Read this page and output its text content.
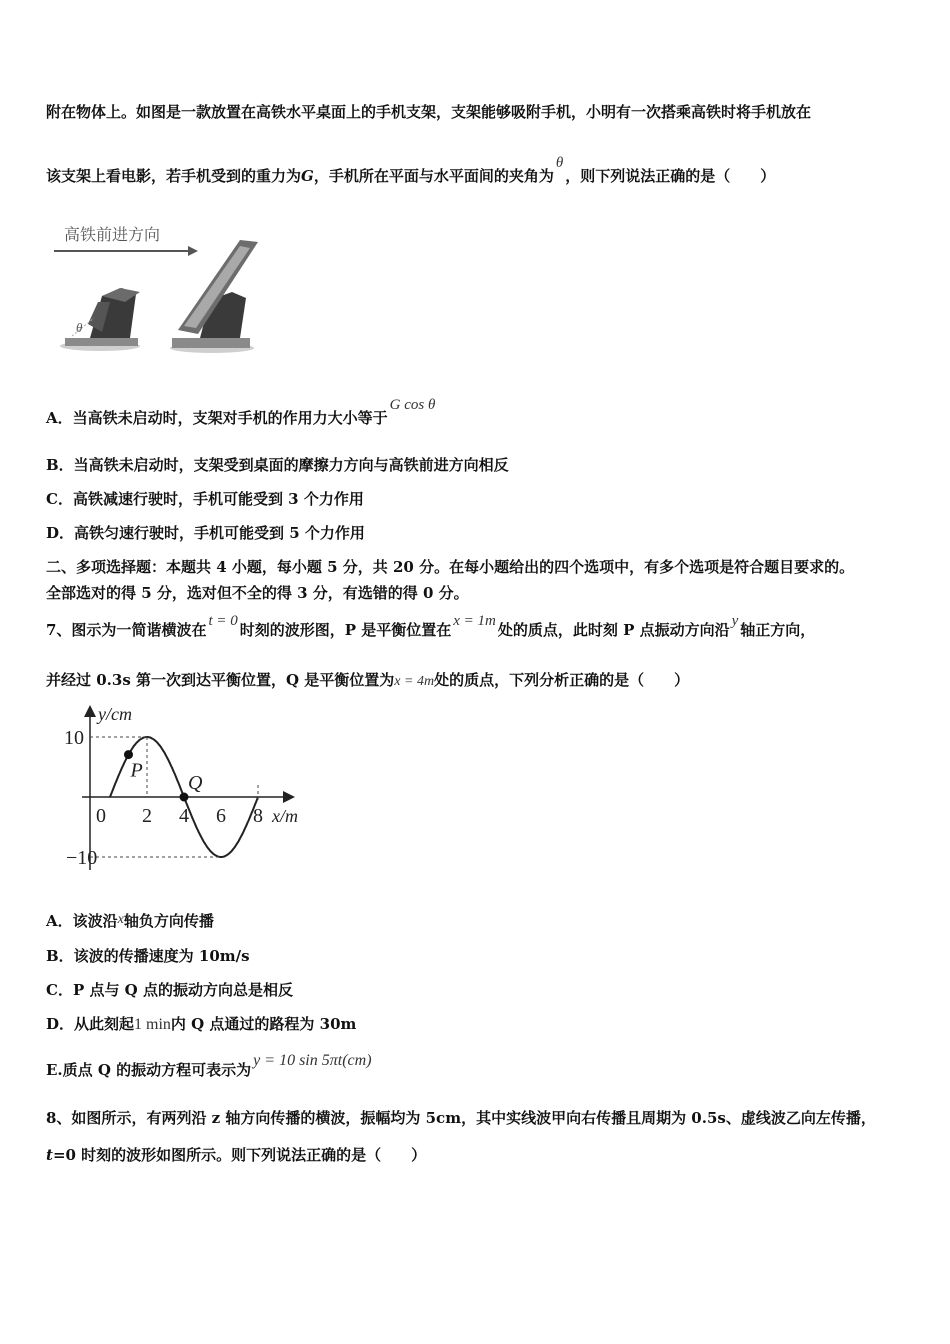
附在物体上。如图是一款放置在高铁水平桌面上的手机支架，支架能够吸附手机，小明有一次搭乘高铁时将手机放在
该支架上看电影，若手机受到的重力为G，手机所在平面与水平面间的夹角为θ，则下列说法正确的是（　　）
高铁前进方向
θ
A．当高铁未启动时，支架对手机的作用力大小等于G cos θ
B．当高铁未启动时，支架受到桌面的摩擦力方向与高铁前进方向相反
C．高铁减速行驶时，手机可能受到 3 个力作用
D．高铁匀速行驶时，手机可能受到 5 个力作用
二、多项选择题：本题共 4 小题，每小题 5 分，共 20 分。在每小题给出的四个选项中，有多个选项是符合题目要求的。
全部选对的得 5 分，选对但不全的得 3 分，有选错的得 0 分。
7、图示为一简谐横波在 t = 0 时刻的波形图，P 是平衡位置在 x = 1m 处的质点，此时刻 P 点振动方向沿 y 轴正方向，
并经过 0.3s 第一次到达平衡位置，Q 是平衡位置为x = 4m处的质点，下列分析正确的是（　　）
y/cm
x/m
0 2 4 6 8
10
−10
P
Q
A．该波沿x轴负方向传播
B．该波的传播速度为 10m/s
C．P 点与 Q 点的振动方向总是相反
D．从此刻起1 min内 Q 点通过的路程为 30m
E.质点 Q 的振动方程可表示为y = 10 sin 5πt(cm)
8、如图所示，有两列沿 z 轴方向传播的横波，振幅均为 5cm，其中实线波甲向右传播且周期为 0.5s、虚线波乙向左传播，
t=0 时刻的波形如图所示。则下列说法正确的是（　　）
